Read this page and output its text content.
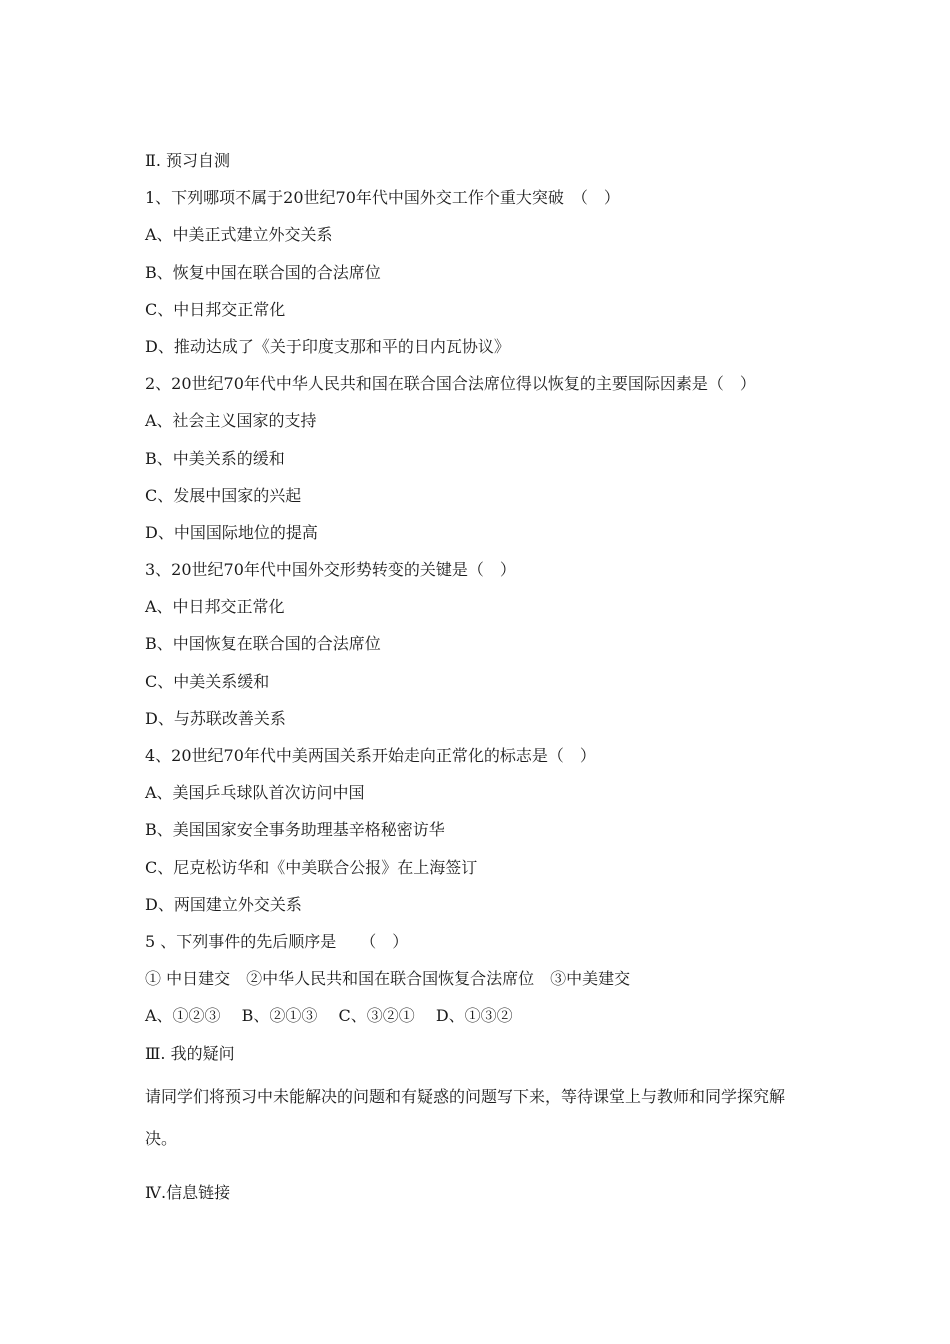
Ⅱ. 预习自测
1、下列哪项不属于20世纪70年代中国外交工作个重大突破　（　）
A、中美正式建立外交关系
B、恢复中国在联合国的合法席位
C、中日邦交正常化
D、推动达成了《关于印度支那和平的日内瓦协议》
2、20世纪70年代中华人民共和国在联合国合法席位得以恢复的主要国际因素是（　）
A、社会主义国家的支持
B、中美关系的缓和
C、发展中国家的兴起
D、中国国际地位的提高
3、20世纪70年代中国外交形势转变的关键是（　）
A、中日邦交正常化
B、中国恢复在联合国的合法席位
C、中美关系缓和
D、与苏联改善关系
4、20世纪70年代中美两国关系开始走向正常化的标志是（　）
A、美国乒乓球队首次访问中国
B、美国国家安全事务助理基辛格秘密访华
C、尼克松访华和《中美联合公报》在上海签订
D、两国建立外交关系
5 、下列事件的先后顺序是　　（　）
① 中日建交　②中华人民共和国在联合国恢复合法席位　③中美建交
A、①②③　 B、②①③　 C、③②①　 D、①③②
Ⅲ. 我的疑问
请同学们将预习中未能解决的问题和有疑惑的问题写下来，等待课堂上与教师和同学探究解决。
Ⅳ.信息链接
